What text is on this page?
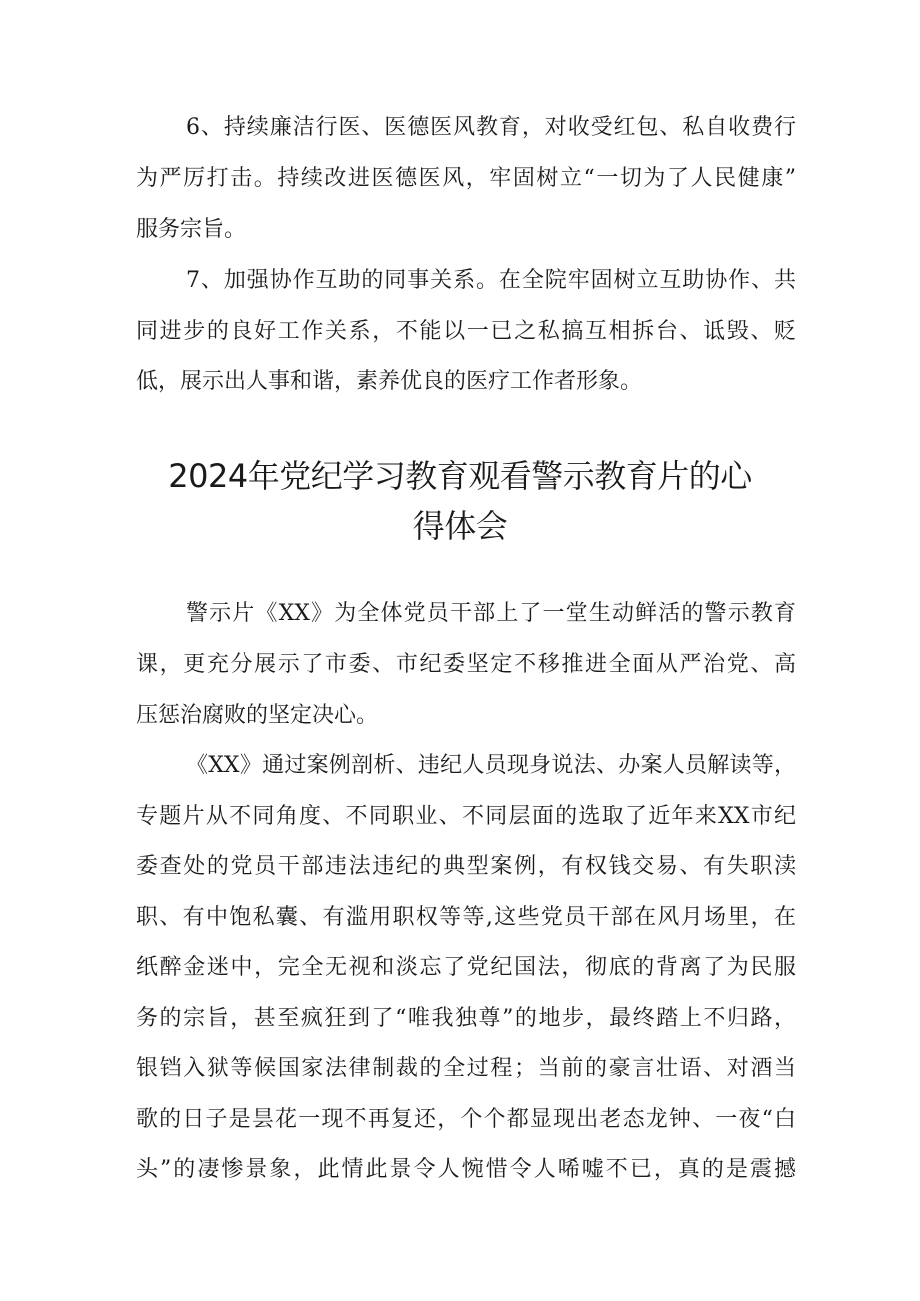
6、持续廉洁行医、医德医风教育，对收受红包、私自收费行
为严厉打击。持续改进医德医风，牢固树立“一切为了人民健康”
服务宗旨。
7、加强协作互助的同事关系。在全院牢固树立互助协作、共
同进步的良好工作关系，不能以一已之私搞互相拆台、诋毁、贬
低，展示出人事和谐，素养优良的医疗工作者形象。
2024年党纪学习教育观看警示教育片的心
得体会
警示片《XX》为全体党员干部上了一堂生动鲜活的警示教育
课，更充分展示了市委、市纪委坚定不移推进全面从严治党、高
压惩治腐败的坚定决心。
《XX》通过案例剖析、违纪人员现身说法、办案人员解读等，
专题片从不同角度、不同职业、不同层面的选取了近年来XX市纪
委查处的党员干部违法违纪的典型案例，有权钱交易、有失职渎
职、有中饱私囊、有滥用职权等等,这些党员干部在风月场里，在
纸醉金迷中，完全无视和淡忘了党纪国法，彻底的背离了为民服
务的宗旨，甚至疯狂到了“唯我独尊”的地步，最终踏上不归路，
银铛入狱等候国家法律制裁的全过程；当前的豪言壮语、对酒当
歌的日子是昙花一现不再复还，个个都显现出老态龙钟、一夜“白
头”的凄惨景象，此情此景令人惋惜令人唏嘘不已，真的是震撼
